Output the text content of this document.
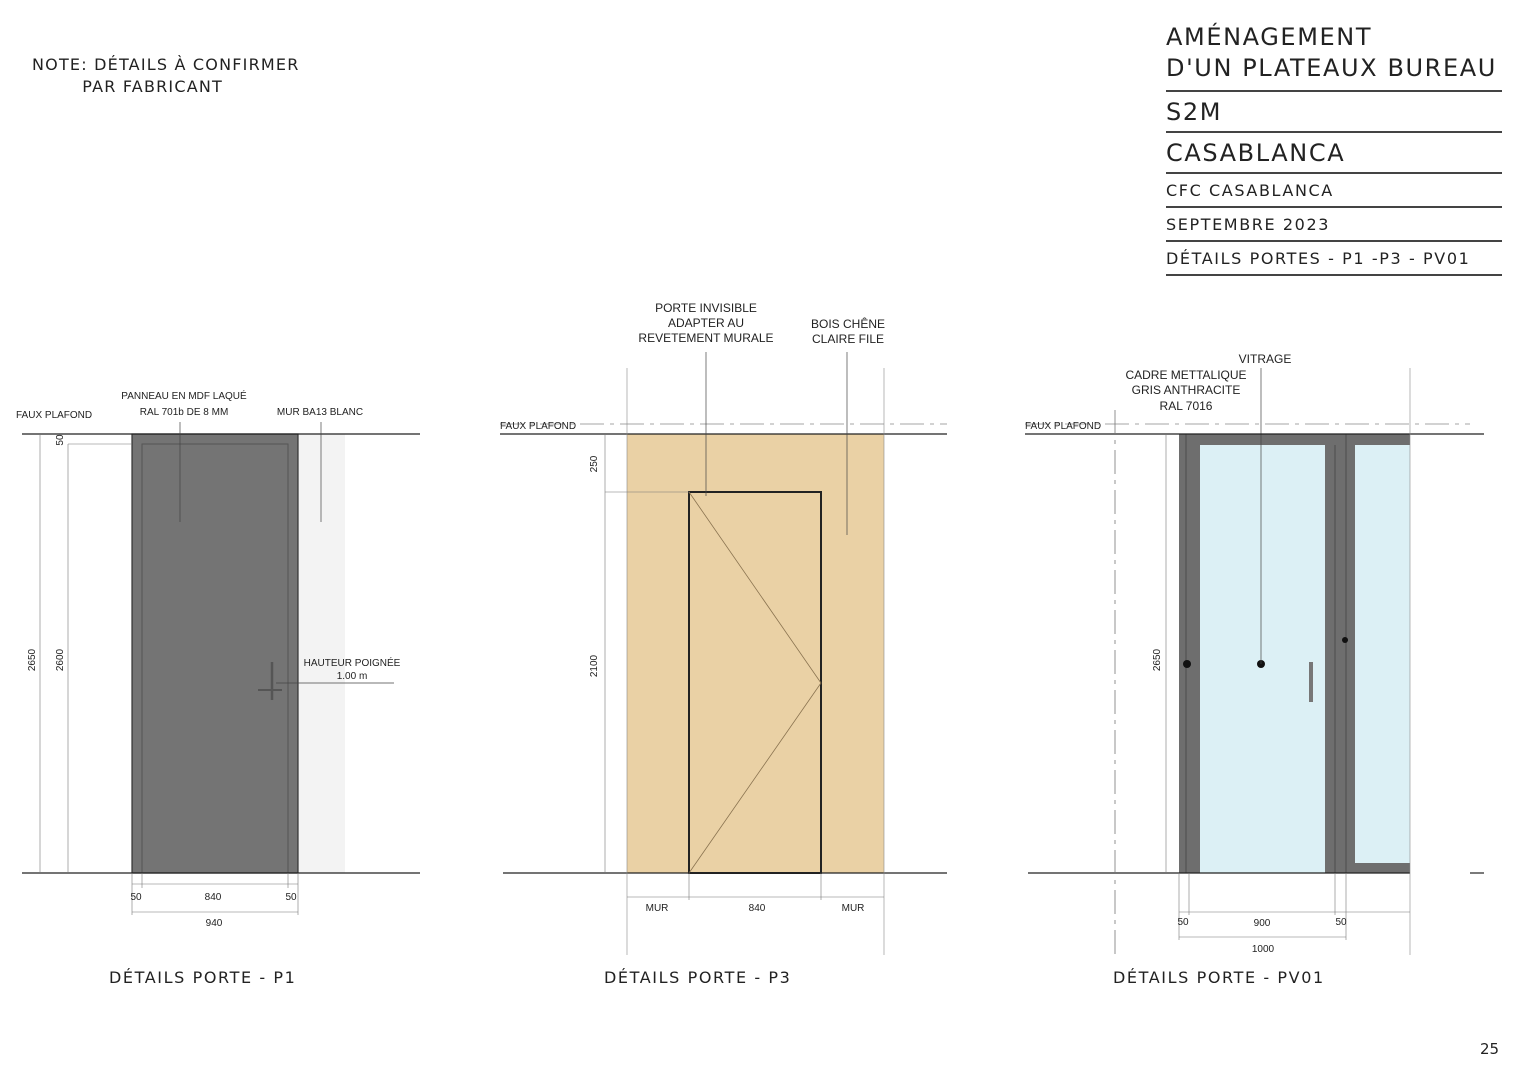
NOTE: DÉTAILS À CONFIRMER
PAR FABRICANT
AMÉNAGEMENT
D'UN PLATEAUX BUREAU
S2M
CASABLANCA
CFC CASABLANCA
SEPTEMBRE 2023
DÉTAILS PORTES - P1 -P3 - PV01
FAUX PLAFOND
PANNEAU EN MDF LAQUÉ
RAL 701b DE 8 MM	MUR BA13 BLANC
HAUTEUR POIGNÉE
1.00 m
2650 2600
50
50	840	50
940
FAUX PLAFOND
PORTE INVISIBLE
ADAPTER AU
REVETEMENT MURALE
BOIS CHÊNE
CLAIRE FILE
250
2100
MUR	840	MUR
FAUX PLAFOND
VITRAGE
CADRE METTALIQUE
GRIS ANTHRACITE
RAL 7016
2650
50	900	50
1000
DÉTAILS PORTE - P1	DÉTAILS PORTE - P3	DÉTAILS PORTE - PV01
25
